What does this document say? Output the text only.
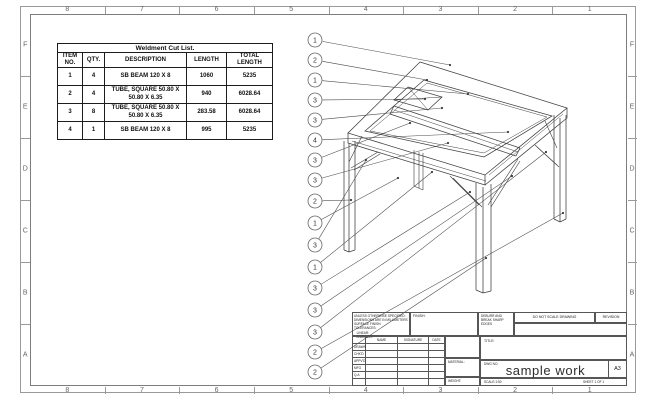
8	7	6	5	4	3	2	1
8	7	6	5	4	3	2	1
F
E
D
C
B
A
F
E
D
C
B
A
1
2
1
3
3
4
3
3
2
1
3
1
3
3
3
2
2
Weldment Cut List.				
ITEM NO.	QTY.	DESCRIPTION	LENGTH	TOTAL LENGTH
1	4	SB BEAM 120 X 8	1060	5235
2	4	TUBE, SQUARE 50.80 X 50.80 X 6.35	940	6028.64
3	8	TUBE, SQUARE 50.80 X 50.80 X 6.35	283.58	6028.64
4	1	SB BEAM 120 X 8	995	5235
UNLESS OTHERWISE SPECIFIED:
DIMENSIONS ARE IN MILLIMETERS
SURFACE FINISH:
TOLERANCES:
LINEAR:
ANGULAR:
FINISH:	DEBURR AND BREAK SHARP EDGES
DO NOT SCALE DRAWING	REVISION
NAME	SIGNATURE	DATE
DRAWN
CHK'D
APPV'D
MFG
Q.A
MATERIAL:
WEIGHT:
TITLE:
DWG NO. sample work	A3
SCALE:1:50	SHEET 1 OF 1
